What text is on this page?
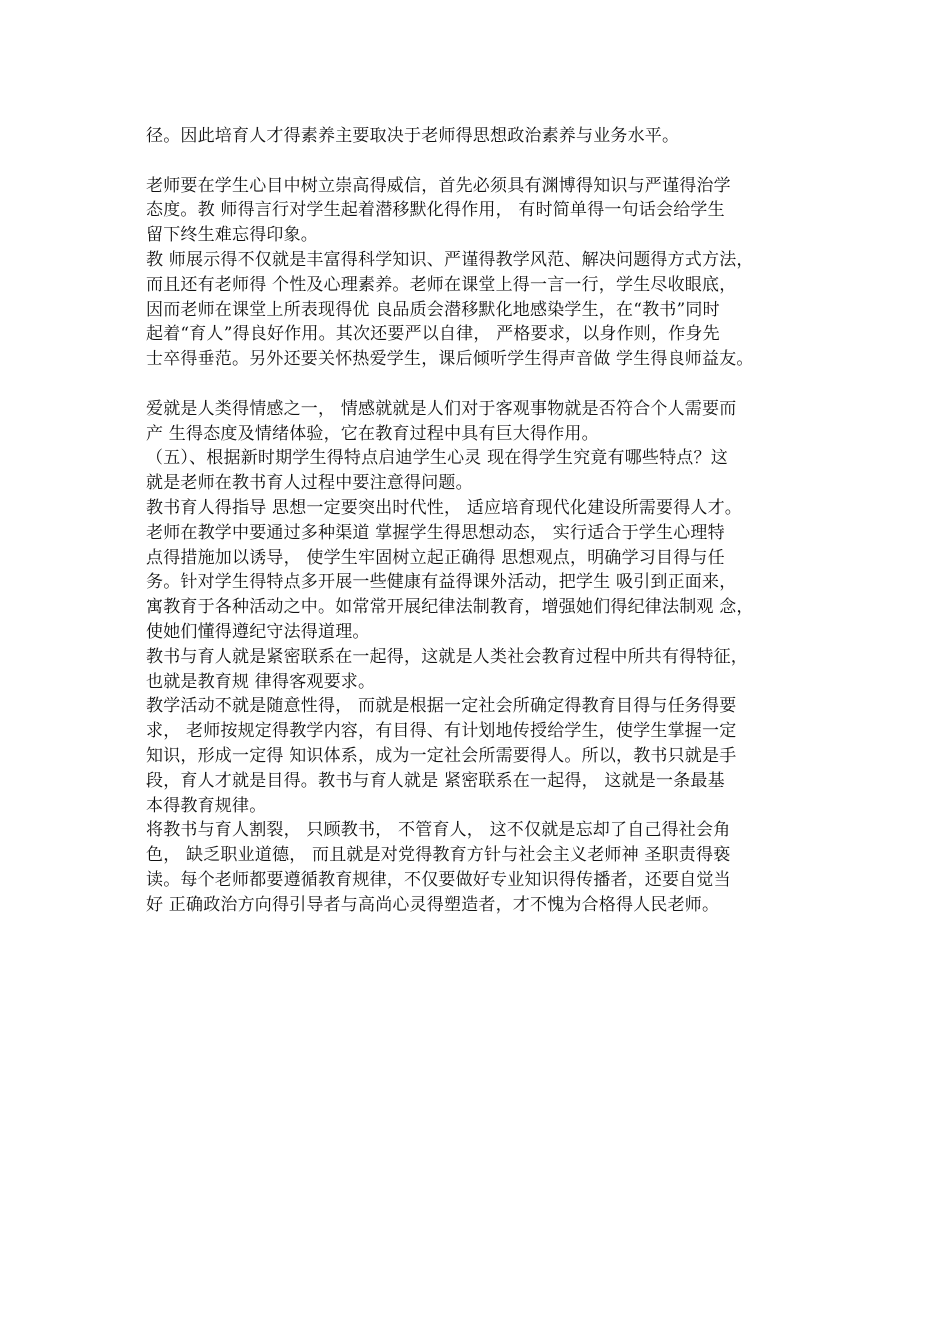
径。因此培育人才得素养主要取决于老师得思想政治素养与业务水平。
老师要在学生心目中树立崇高得威信，首先必须具有渊博得知识与严谨得治学
态度。教 师得言行对学生起着潜移默化得作用， 有时简单得一句话会给学生
留下终生难忘得印象。
教 师展示得不仅就是丰富得科学知识、严谨得教学风范、解决问题得方式方法，
而且还有老师得 个性及心理素养。老师在课堂上得一言一行，学生尽收眼底，
因而老师在课堂上所表现得优 良品质会潜移默化地感染学生，在“教书”同时
起着“育人”得良好作用。其次还要严以自律， 严格要求，以身作则，作身先
士卒得垂范。另外还要关怀热爱学生，课后倾听学生得声音做 学生得良师益友。
爱就是人类得情感之一， 情感就就是人们对于客观事物就是否符合个人需要而
产 生得态度及情绪体验，它在教育过程中具有巨大得作用。
（五）、根据新时期学生得特点启迪学生心灵 现在得学生究竟有哪些特点？这
就是老师在教书育人过程中要注意得问题。
教书育人得指导 思想一定要突出时代性， 适应培育现代化建设所需要得人才。
老师在教学中要通过多种渠道 掌握学生得思想动态， 实行适合于学生心理特
点得措施加以诱导， 使学生牢固树立起正确得 思想观点，明确学习目得与任
务。针对学生得特点多开展一些健康有益得课外活动，把学生 吸引到正面来，
寓教育于各种活动之中。如常常开展纪律法制教育，增强她们得纪律法制观 念，
使她们懂得遵纪守法得道理。
教书与育人就是紧密联系在一起得，这就是人类社会教育过程中所共有得特征，
也就是教育规 律得客观要求。
教学活动不就是随意性得， 而就是根据一定社会所确定得教育目得与任务得要
求， 老师按规定得教学内容，有目得、有计划地传授给学生，使学生掌握一定
知识，形成一定得 知识体系，成为一定社会所需要得人。所以，教书只就是手
段，育人才就是目得。教书与育人就是 紧密联系在一起得， 这就是一条最基
本得教育规律。
将教书与育人割裂， 只顾教书， 不管育人， 这不仅就是忘却了自己得社会角
色， 缺乏职业道德， 而且就是对党得教育方针与社会主义老师神 圣职责得亵
读。每个老师都要遵循教育规律，不仅要做好专业知识得传播者，还要自觉当
好 正确政治方向得引导者与高尚心灵得塑造者，才不愧为合格得人民老师。
